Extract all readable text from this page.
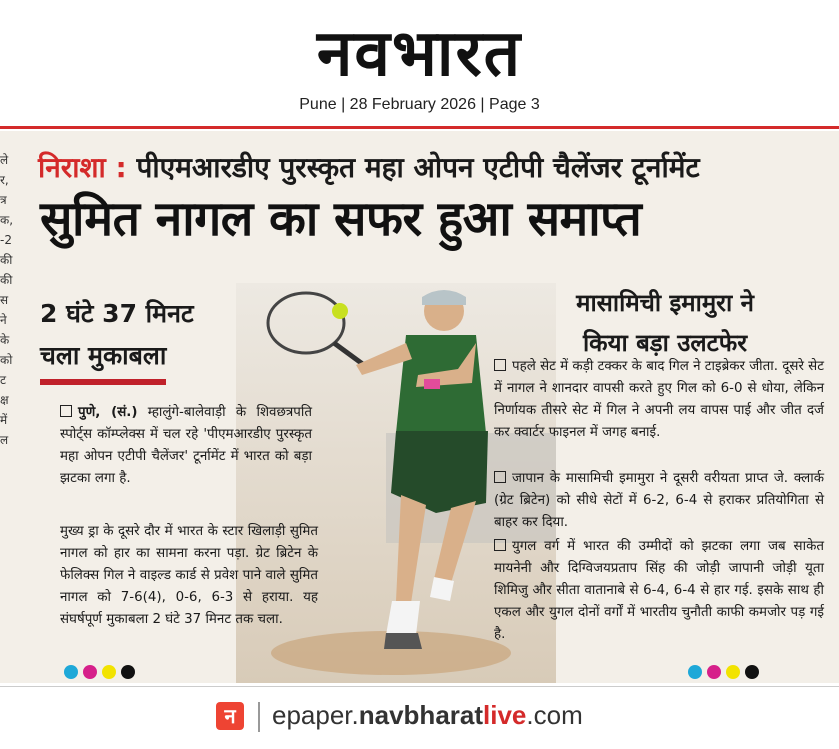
नवभारत
Pune | 28 February 2026 | Page 3
ले
र,
त्र
क,
-2
की
की
स
ने
के
को
ट
क्ष
में
ल
निराशा : पीएमआरडीए पुरस्कृत महा ओपन एटीपी चैलेंजर टूर्नामेंट
सुमित नागल का सफर हुआ समाप्त
2 घंटे 37 मिनट
चला मुकाबला
पुणे, (सं.) म्हालुंगे-बालेवाड़ी के शिवछत्रपति स्पोर्ट्स कॉम्प्लेक्स में चल रहे 'पीएमआरडीए पुरस्कृत महा ओपन एटीपी चैलेंजर' टूर्नामेंट में भारत को बड़ा झटका लगा है.
मुख्य ड्रा के दूसरे दौर में भारत के स्टार खिलाड़ी सुमित नागल को हार का सामना करना पड़ा. ग्रेट ब्रिटेन के फेलिक्स गिल ने वाइल्ड कार्ड से प्रवेश पाने वाले सुमित नागल को 7-6(4), 0-6, 6-3 से हराया. यह संघर्षपूर्ण मुकाबला 2 घंटे 37 मिनट तक चला.
मासामिची इमामुरा ने
किया बड़ा उलटफेर
पहले सेट में कड़ी टक्कर के बाद गिल ने टाइब्रेकर जीता. दूसरे सेट में नागल ने शानदार वापसी करते हुए गिल को 6-0 से धोया, लेकिन निर्णायक तीसरे सेट में गिल ने अपनी लय वापस पाई और जीत दर्ज कर क्वार्टर फाइनल में जगह बनाई.
जापान के मासामिची इमामुरा ने दूसरी वरीयता प्राप्त जे. क्लार्क (ग्रेट ब्रिटेन) को सीधे सेटों में 6-2, 6-4 से हराकर प्रतियोगिता से बाहर कर दिया.
युगल वर्ग में भारत की उम्मीदों को झटका लगा जब साकेत मायनेनी और दिग्विजयप्रताप सिंह की जोड़ी जापानी जोड़ी यूता शिमिजु और सीता वातानाबे से 6-4, 6-4 से हार गई. इसके साथ ही एकल और युगल दोनों वर्गों में भारतीय चुनौती काफी कमजोर पड़ गई है.
न	epaper.navbharatlive.com
